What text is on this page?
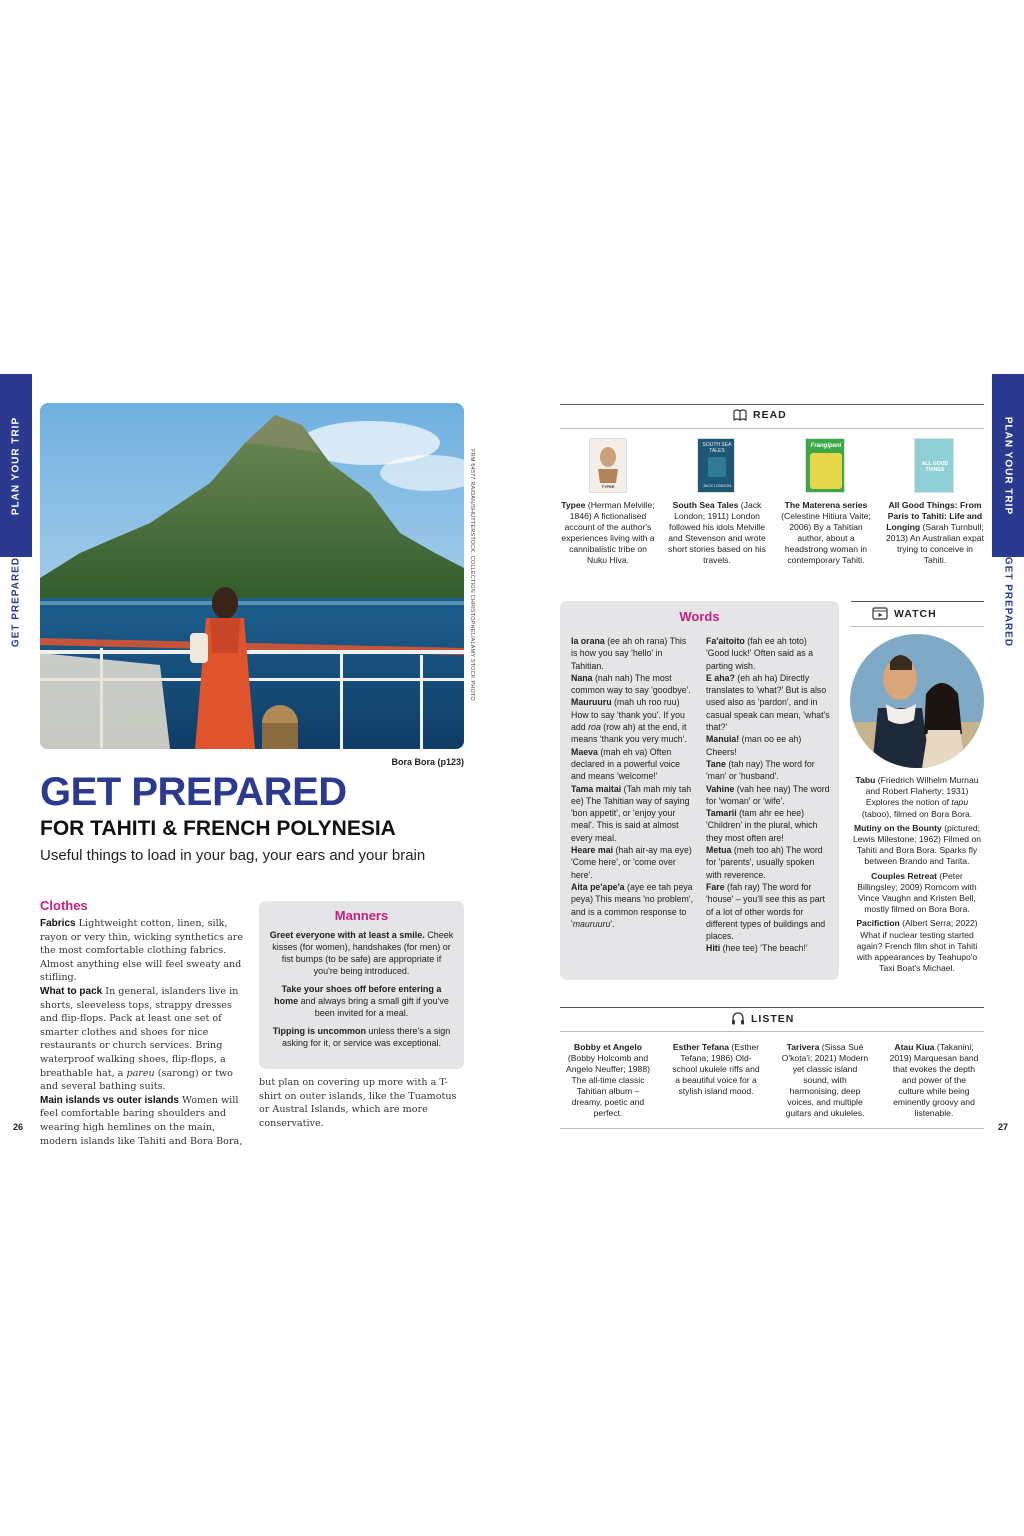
PLAN YOUR TRIP
GET PREPARED
PLAN YOUR TRIP
GET PREPARED
FRM 64577 RAIDAN/SHUTTERSTOCK, COLLECTION CHRISTOPHEL/ALAMY STOCK PHOTO
Bora Bora (p123)
GET PREPARED
FOR TAHITI & FRENCH POLYNESIA
Useful things to load in your bag, your ears and your brain
Clothes

Fabrics Lightweight cotton, linen, silk, rayon or very thin, wicking synthetics are the most comfortable clothing fabrics. Almost anything else will feel sweaty and stifling.

What to pack In general, islanders live in shorts, sleeveless tops, strappy dresses and flip-flops. Pack at least one set of smarter clothes and shoes for nice restaurants or church services. Bring waterproof walking shoes, flip-flops, a breathable hat, a pareu (sarong) or two and several bathing suits.

Main islands vs outer islands Women will feel comfortable baring shoulders and wearing high hemlines on the main, modern islands like Tahiti and Bora Bora,

but plan on covering up more with a T-shirt on outer islands, like the Tuamotus or Austral Islands, which are more conservative.
Manners

Greet everyone with at least a smile. Cheek kisses (for women), handshakes (for men) or fist bumps (to be safe) are appropriate if you're being introduced.

Take your shoes off before entering a home and always bring a small gift if you've been invited for a meal.

Tipping is uncommon unless there's a sign asking for it, or service was exceptional.

26	27
READ
TYPEE
SOUTH SEA TALES
JACK LONDON
Frangipani
ALL GOOD THINGS
Typee (Herman Melville; 1846) A fictionalised account of the author's experiences living with a cannibalistic tribe on Nuku Hiva.
South Sea Tales (Jack London; 1911) London followed his idols Melville and Stevenson and wrote short stories based on his travels.
The Materena series (Celestine Hitiura Vaite; 2006) By a Tahitian author, about a headstrong woman in contemporary Tahiti.
All Good Things: From Paris to Tahiti: Life and Longing (Sarah Turnbull; 2013) An Australian expat trying to conceive in Tahiti.
Words
Ia orana (ee ah oh rana) This is how you say 'hello' in Tahitian.
Nana (nah nah) The most common way to say 'goodbye'.
Mauruuru (mah uh roo ruu) How to say 'thank you'. If you add roa (row ah) at the end, it means 'thank you very much'.
Maeva (mah eh va) Often declared in a powerful voice and means 'welcome!'
Tama maitai (Tah mah miy tah ee) The Tahitian way of saying 'bon appetit', or 'enjoy your meal'. This is said at almost every meal.
Heare mai (hah air-ay ma eye) 'Come here', or 'come over here'.
Aita pe'ape'a (aye ee tah peya peya) This means 'no problem', and is a common response to 'mauruuru'.
Fa'aitoito (fah ee ah toto) 'Good luck!' Often said as a parting wish.
E aha? (eh ah ha) Directly translates to 'what?' But is also used also as 'pardon', and in casual speak can mean, 'what's that?'
Manuia! (man oo ee ah) Cheers!
Tane (tah nay) The word for 'man' or 'husband'.
Vahine (vah hee nay) The word for 'woman' or 'wife'.
Tamarii (tam ahr ee hee) 'Children' in the plural, which they most often are!
Metua (meh too ah) The word for 'parents', usually spoken with reverence.
Fare (fah ray) The word for 'house' – you'll see this as part of a lot of other words for different types of buildings and places.
Hiti (hee tee) 'The beach!'
WATCH

Tabu (Friedrich Wilhelm Murnau and Robert Flaherty; 1931) Explores the notion of tapu (taboo), filmed on Bora Bora.

Mutiny on the Bounty (pictured; Lewis Milestone; 1962) Filmed on Tahiti and Bora Bora. Sparks fly between Brando and Tarita.

Couples Retreat (Peter Billingsley; 2009) Romcom with Vince Vaughn and Kristen Bell, mostly filmed on Bora Bora.

Pacifiction (Albert Serra; 2022) What if nuclear testing started again? French film shot in Tahiti with appearances by Teahupo'o Taxi Boat's Michael.

LISTEN
Bobby et Angelo (Bobby Holcomb and Angelo Neuffer; 1988) The all-time classic Tahitian album – dreamy, poetic and perfect.
Esther Tefana (Esther Tefana; 1986) Old-school ukulele riffs and a beautiful voice for a stylish island mood.
Tarivera (Sissa Sué O'kota'i; 2021) Modern yet classic island sound, with harmonising, deep voices, and multiple guitars and ukuleles.
Atau Kiua (Takanini; 2019) Marquesan band that evokes the depth and power of the culture while being eminently groovy and listenable.
